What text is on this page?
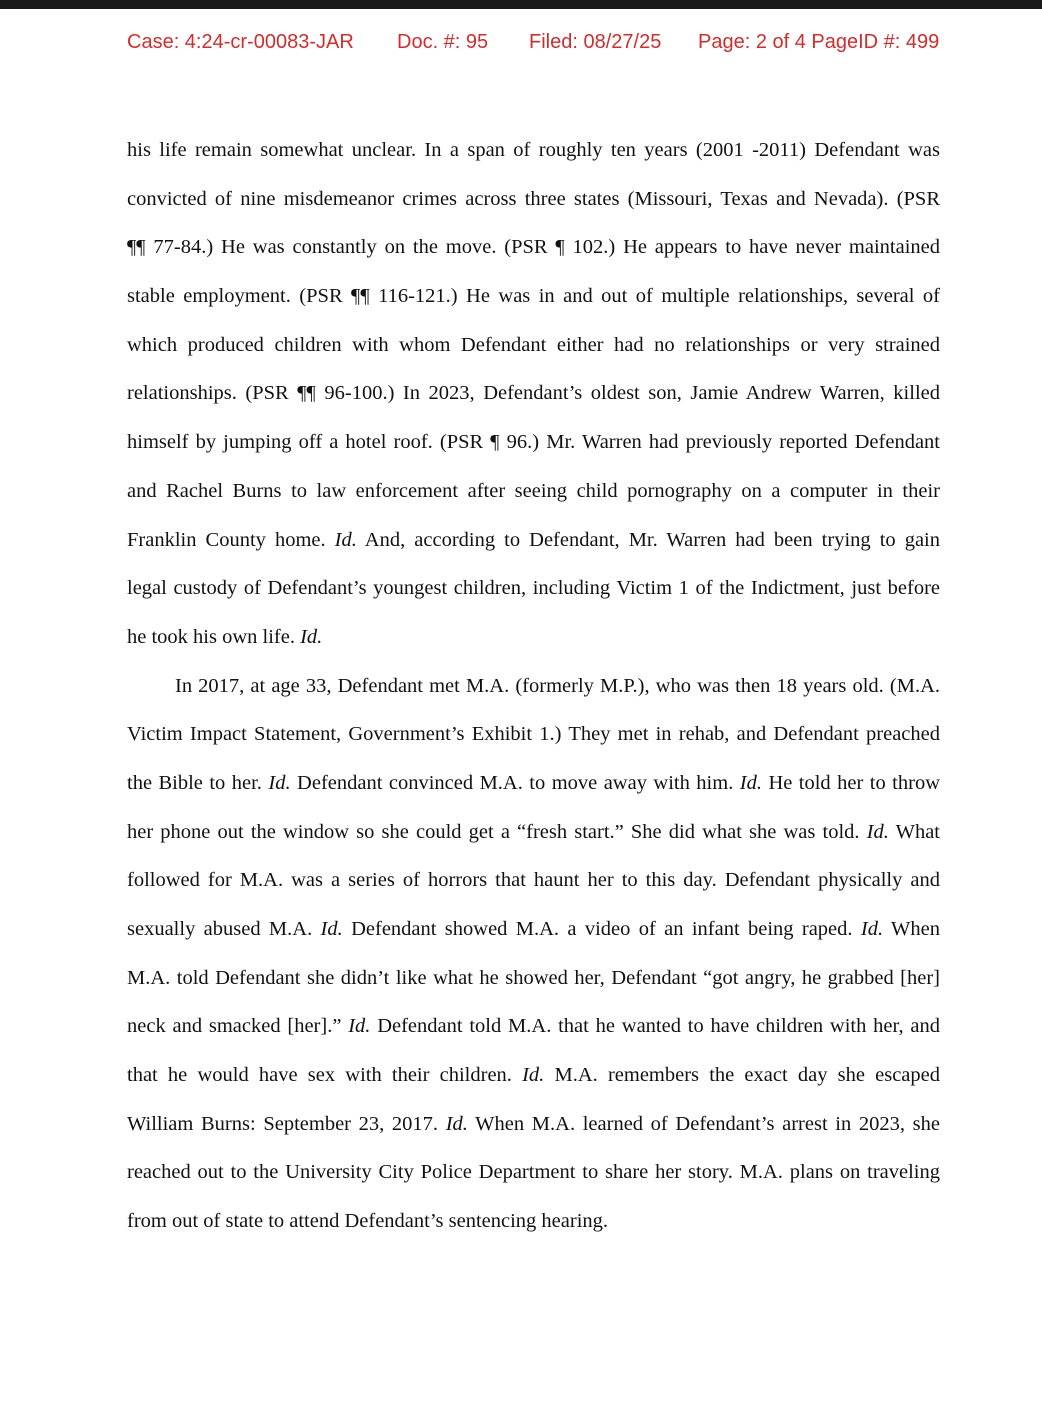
Case: 4:24-cr-00083-JAR Doc. #: 95 Filed: 08/27/25 Page: 2 of 4 PageID #: 499
his life remain somewhat unclear. In a span of roughly ten years (2001 -2011) Defendant was
convicted of nine misdemeanor crimes across three states (Missouri, Texas and Nevada). (PSR
¶¶ 77-84.) He was constantly on the move. (PSR ¶ 102.) He appears to have never maintained
stable employment. (PSR ¶¶ 116-121.) He was in and out of multiple relationships, several of
which produced children with whom Defendant either had no relationships or very strained
relationships. (PSR ¶¶ 96-100.) In 2023, Defendant’s oldest son, Jamie Andrew Warren, killed
himself by jumping off a hotel roof. (PSR ¶ 96.) Mr. Warren had previously reported Defendant
and Rachel Burns to law enforcement after seeing child pornography on a computer in their
Franklin County home. Id. And, according to Defendant, Mr. Warren had been trying to gain
legal custody of Defendant’s youngest children, including Victim 1 of the Indictment, just before
he took his own life. Id.
In 2017, at age 33, Defendant met M.A. (formerly M.P.), who was then 18 years old. (M.A.
Victim Impact Statement, Government’s Exhibit 1.) They met in rehab, and Defendant preached
the Bible to her. Id. Defendant convinced M.A. to move away with him. Id. He told her to throw
her phone out the window so she could get a “fresh start.” She did what she was told. Id. What
followed for M.A. was a series of horrors that haunt her to this day. Defendant physically and
sexually abused M.A. Id. Defendant showed M.A. a video of an infant being raped. Id. When
M.A. told Defendant she didn’t like what he showed her, Defendant “got angry, he grabbed [her]
neck and smacked [her].” Id. Defendant told M.A. that he wanted to have children with her, and
that he would have sex with their children. Id. M.A. remembers the exact day she escaped
William Burns: September 23, 2017. Id. When M.A. learned of Defendant’s arrest in 2023, she
reached out to the University City Police Department to share her story. M.A. plans on traveling
from out of state to attend Defendant’s sentencing hearing.
